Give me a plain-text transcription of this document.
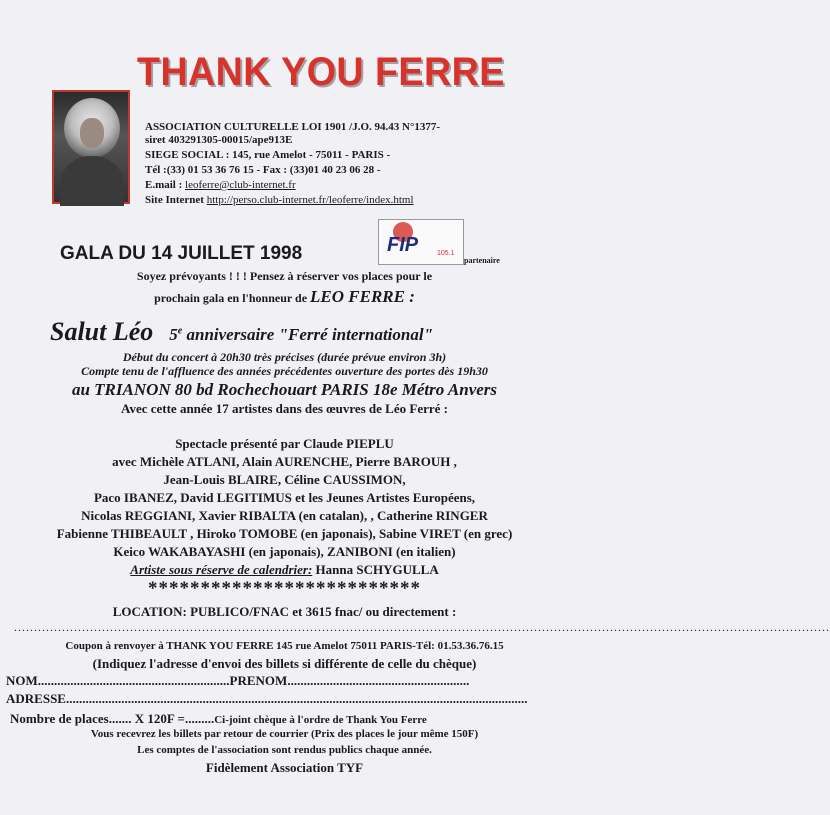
THANK YOU FERRE
ASSOCIATION CULTURELLE LOI 1901 /J.O. 94.43 N°1377-
siret 403291305-00015/ape913E
SIEGE SOCIAL : 145, rue Amelot - 75011 - PARIS -
Tél :(33) 01 53 36 76 15 - Fax : (33)01 40 23 06 28 -
E.mail : leoferre@club-internet.fr
Site Internet http://perso.club-internet.fr/leoferre/index.html
GALA DU 14 JUILLET 1998	FIP	105.1
partenaire
Soyez prévoyants ! ! ! Pensez à réserver vos places pour le
prochain gala en l'honneur de LEO FERRE :
Salut Léo 5e anniversaire "Ferré international"
Début du concert à 20h30 très précises (durée prévue environ 3h)
Compte tenu de l'affluence des années précédentes ouverture des portes dès 19h30
au TRIANON 80 bd Rochechouart PARIS 18e Métro Anvers
Avec cette année 17 artistes dans des œuvres de Léo Ferré :
Spectacle présenté par Claude PIEPLU
avec Michèle ATLANI, Alain AURENCHE, Pierre BAROUH ,
Jean-Louis BLAIRE, Céline CAUSSIMON,
Paco IBANEZ, David LEGITIMUS et les Jeunes Artistes Européens,
Nicolas REGGIANI, Xavier RIBALTA (en catalan), , Catherine RINGER
Fabienne THIBEAULT , Hiroko TOMOBE (en japonais), Sabine VIRET (en grec)
Keico WAKABAYASHI (en japonais), ZANIBONI (en italien)
Artiste sous réserve de calendrier: Hanna SCHYGULLA
**************************
LOCATION: PUBLICO/FNAC et 3615 fnac/ ou directement :
............................................................................................................................................................................................................
Coupon à renvoyer à THANK YOU FERRE 145 rue Amelot 75011 PARIS-Tél: 01.53.36.76.15
(Indiquez l'adresse d'envoi des billets si différente de celle du chèque)
NOM...........................................................PRENOM........................................................
ADRESSE..............................................................................................................................................
Nombre de places....... X 120F =.........Ci-joint chèque à l'ordre de Thank You Ferre
Vous recevrez les billets par retour de courrier (Prix des places le jour même 150F)
Les comptes de l'association sont rendus publics chaque année.
Fidèlement Association TYF
